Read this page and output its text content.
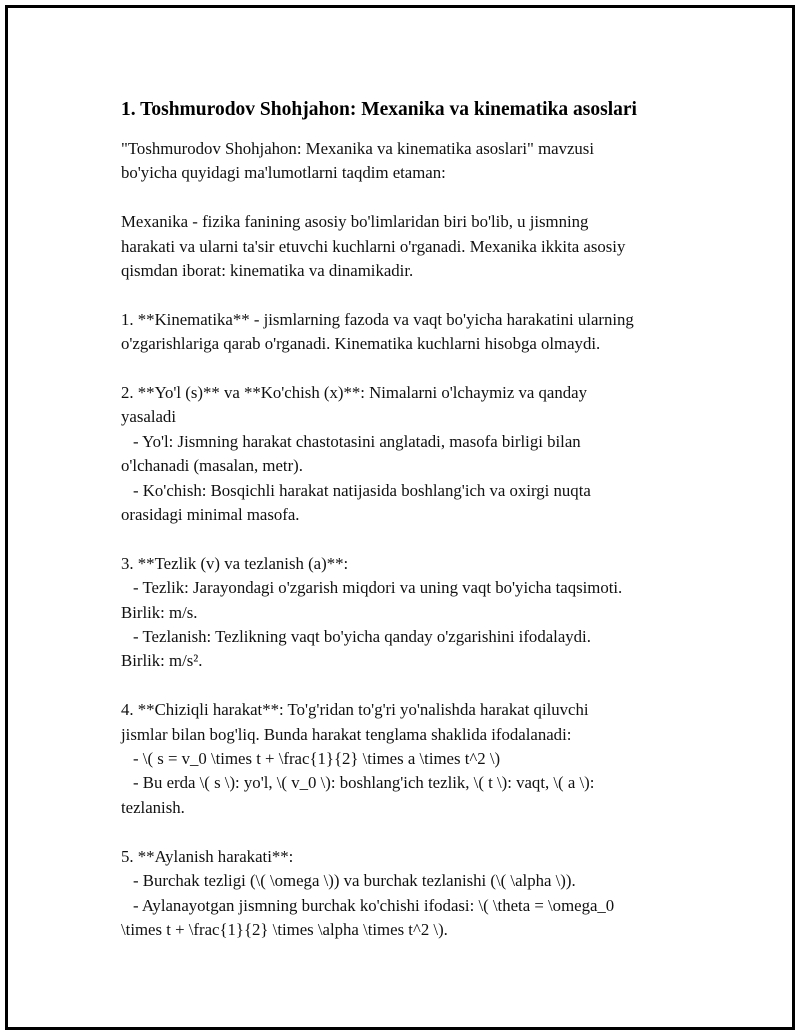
1. Toshmurodov Shohjahon: Mexanika va kinematika asoslari
"Toshmurodov Shohjahon: Mexanika va kinematika asoslari" mavzusi
bo'yicha quyidagi ma'lumotlarni taqdim etaman:
Mexanika - fizika fanining asosiy bo'limlaridan biri bo'lib, u jismning
harakati va ularni ta'sir etuvchi kuchlarni o'rganadi. Mexanika ikkita asosiy
qismdan iborat: kinematika va dinamikadir.
1. **Kinematika** - jismlarning fazoda va vaqt bo'yicha harakatini ularning
o'zgarishlariga qarab o'rganadi. Kinematika kuchlarni hisobga olmaydi.
2. **Yo'l (s)** va **Ko'chish (x)**: Nimalarni o'lchaymiz va qanday
yasaladi
- Yo'l: Jismning harakat chastotasini anglatadi, masofa birligi bilan
o'lchanadi (masalan, metr).
- Ko'chish: Bosqichli harakat natijasida boshlang'ich va oxirgi nuqta
orasidagi minimal masofa.
3. **Tezlik (v) va tezlanish (a)**:
- Tezlik: Jarayondagi o'zgarish miqdori va uning vaqt bo'yicha taqsimoti.
Birlik: m/s.
- Tezlanish: Tezlikning vaqt bo'yicha qanday o'zgarishini ifodalaydi.
Birlik: m/s².
4. **Chiziqli harakat**: To'g'ridan to'g'ri yo'nalishda harakat qiluvchi
jismlar bilan bog'liq. Bunda harakat tenglama shaklida ifodalanadi:
- \( s = v_0 \times t + \frac{1}{2} \times a \times t^2 \)
- Bu erda \( s \): yo'l, \( v_0 \): boshlang'ich tezlik, \( t \): vaqt, \( a \):
tezlanish.
5. **Aylanish harakati**:
- Burchak tezligi (\( \omega \)) va burchak tezlanishi (\( \alpha \)).
- Aylanayotgan jismning burchak ko'chishi ifodasi: \( \theta = \omega_0
\times t + \frac{1}{2} \times \alpha \times t^2 \).
